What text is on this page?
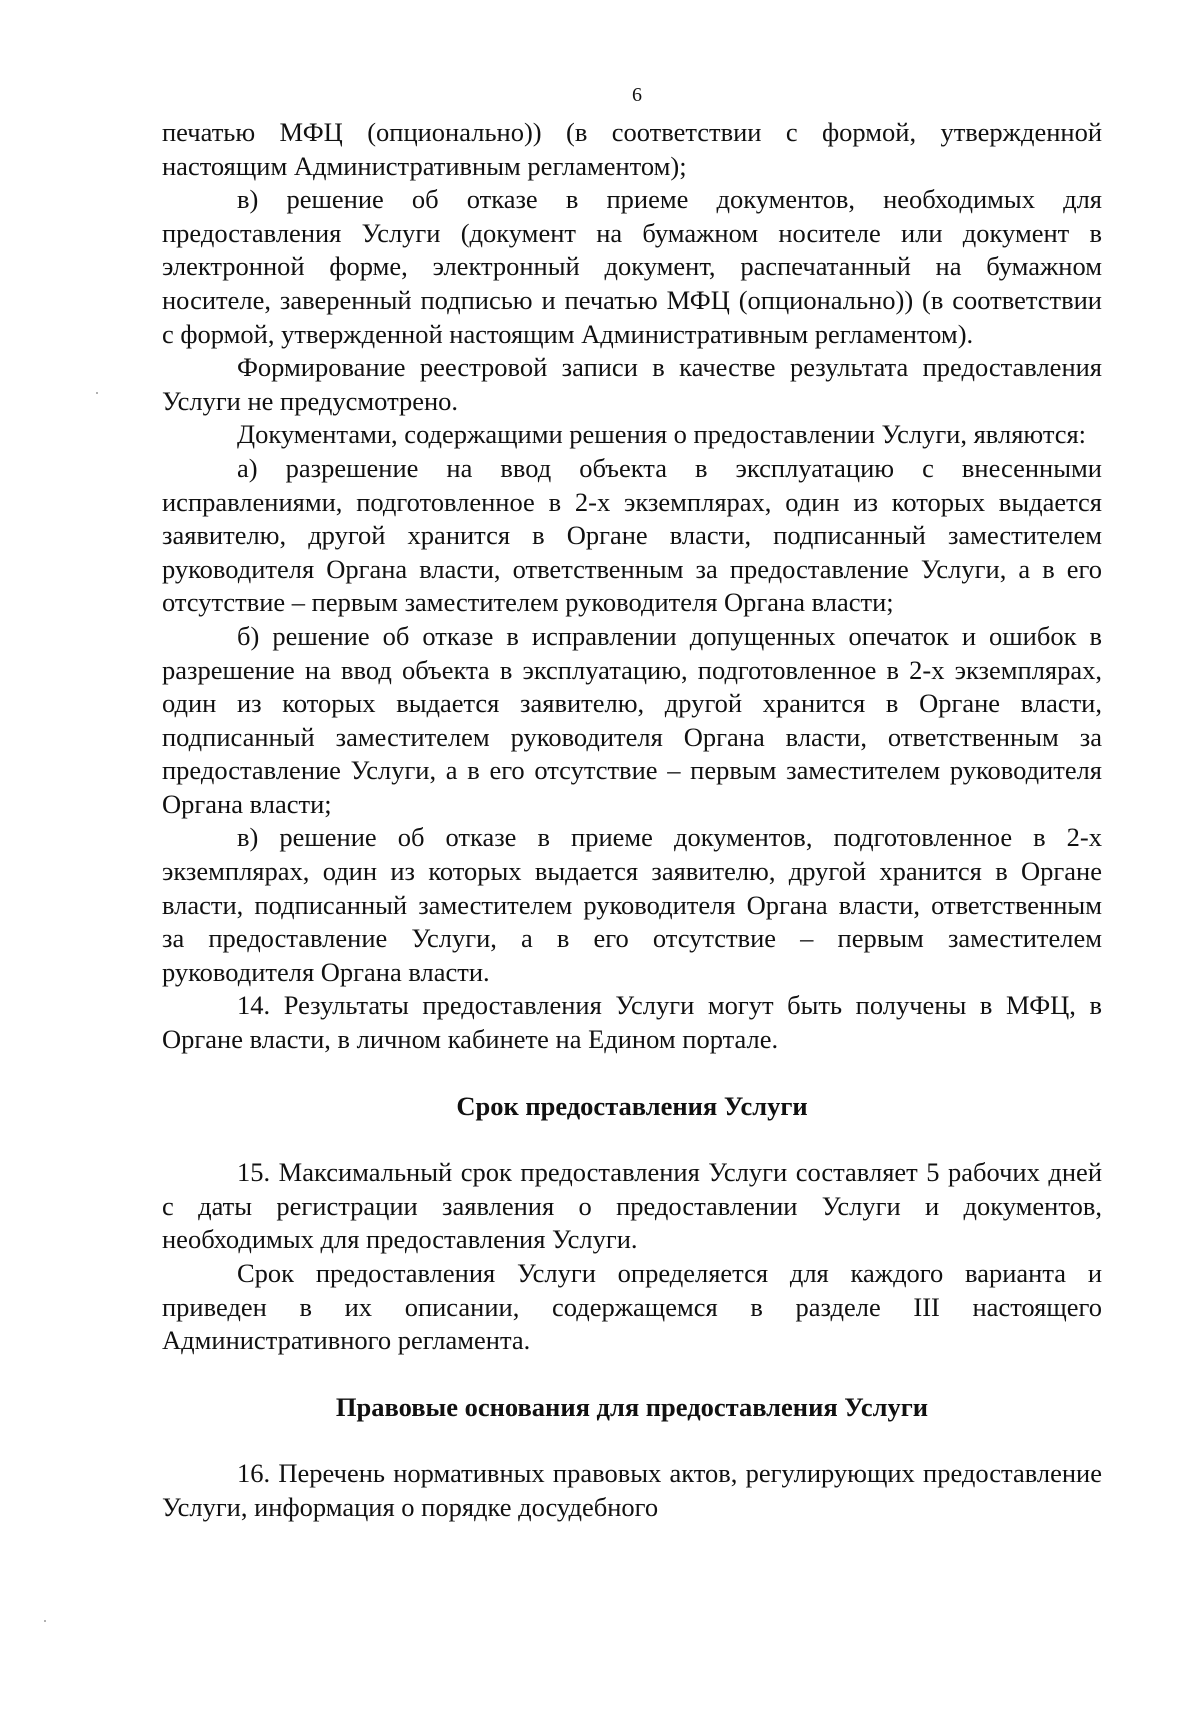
6

печатью МФЦ (опционально)) (в соответствии с формой, утвержденной настоящим Административным регламентом);

в) решение об отказе в приеме документов, необходимых для предоставления Услуги (документ на бумажном носителе или документ в электронной форме, электронный документ, распечатанный на бумажном носителе, заверенный подписью и печатью МФЦ (опционально)) (в соответствии с формой, утвержденной настоящим Административным регламентом).

Формирование реестровой записи в качестве результата предоставления Услуги не предусмотрено.

Документами, содержащими решения о предоставлении Услуги, являются:

а) разрешение на ввод объекта в эксплуатацию с внесенными исправлениями, подготовленное в 2-х экземплярах, один из которых выдается заявителю, другой хранится в Органе власти, подписанный заместителем руководителя Органа власти, ответственным за предоставление Услуги, а в его отсутствие – первым заместителем руководителя Органа власти;

б) решение об отказе в исправлении допущенных опечаток и ошибок в разрешение на ввод объекта в эксплуатацию, подготовленное в 2-х экземплярах, один из которых выдается заявителю, другой хранится в Органе власти, подписанный заместителем руководителя Органа власти, ответственным за предоставление Услуги, а в его отсутствие – первым заместителем руководителя Органа власти;

в) решение об отказе в приеме документов, подготовленное в 2-х экземплярах, один из которых выдается заявителю, другой хранится в Органе власти, подписанный заместителем руководителя Органа власти, ответственным за предоставление Услуги, а в его отсутствие – первым заместителем руководителя Органа власти.

14. Результаты предоставления Услуги могут быть получены в МФЦ, в Органе власти, в личном кабинете на Едином портале.

Срок предоставления Услуги

15. Максимальный срок предоставления Услуги составляет 5 рабочих дней с даты регистрации заявления о предоставлении Услуги и документов, необходимых для предоставления Услуги.

Срок предоставления Услуги определяется для каждого варианта и приведен в их описании, содержащемся в разделе III настоящего Административного регламента.

Правовые основания для предоставления Услуги

16. Перечень нормативных правовых актов, регулирующих предоставление Услуги, информация о порядке досудебного
